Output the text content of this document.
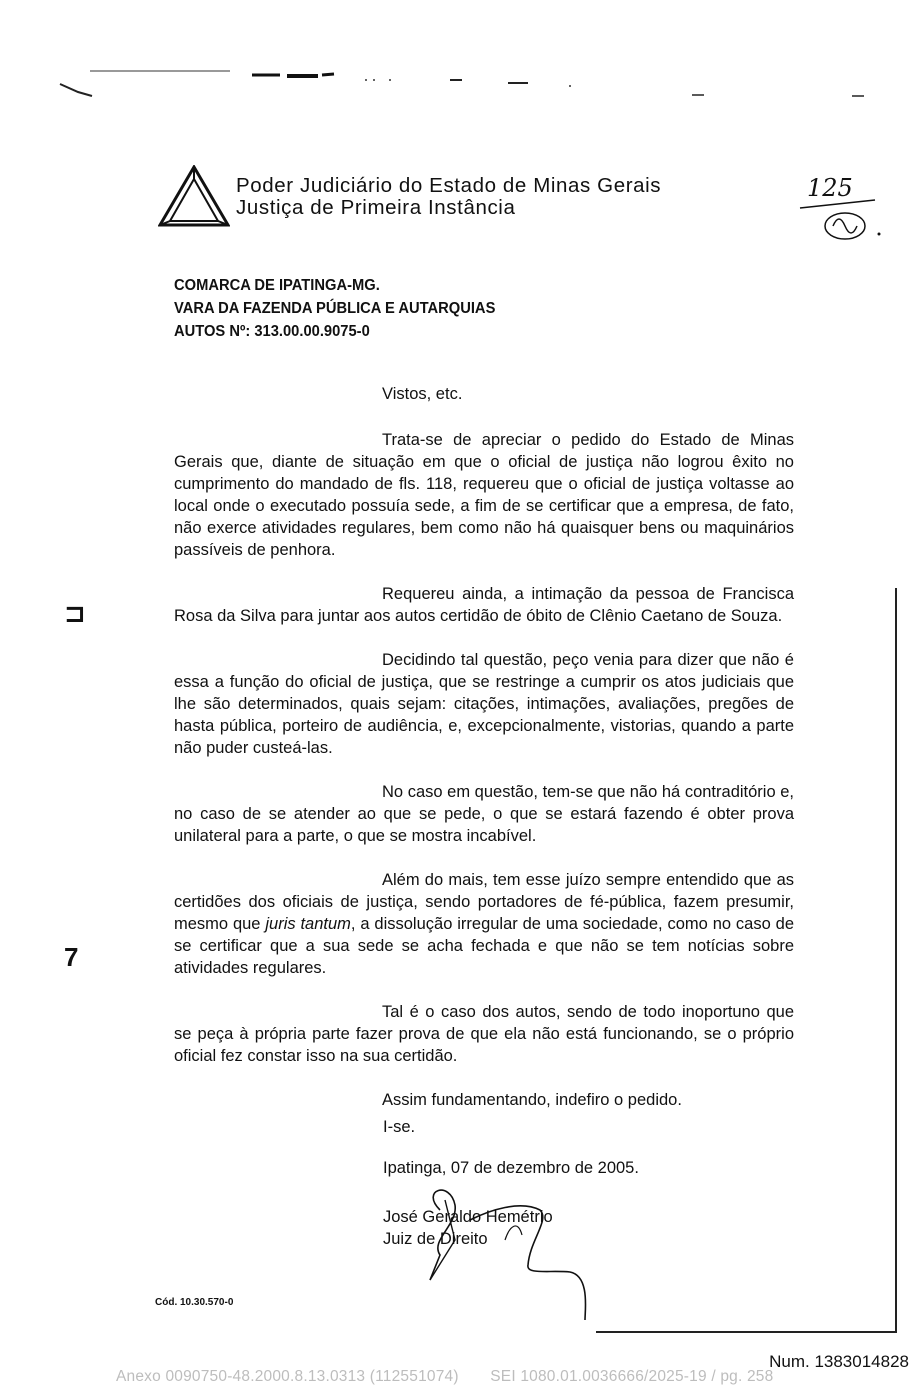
Poder Judiciário do Estado de Minas Gerais
Justiça de Primeira Instância
125
COMARCA DE IPATINGA-MG.
VARA DA FAZENDA PÚBLICA E AUTARQUIAS
AUTOS Nº: 313.00.00.9075-0
Vistos, etc.

Trata-se de apreciar o pedido do Estado de Minas Gerais que, diante de situação em que o oficial de justiça não logrou êxito no cumprimento do mandado de fls. 118, requereu que o oficial de justiça voltasse ao local onde o executado possuía sede, a fim de se certificar que a empresa, de fato, não exerce atividades regulares, bem como não há quaisquer bens ou maquinários passíveis de penhora.

Requereu ainda, a intimação da pessoa de Francisca Rosa da Silva para juntar aos autos certidão de óbito de Clênio Caetano de Souza.

Decidindo tal questão, peço venia para dizer que não é essa a função do oficial de justiça, que se restringe a cumprir os atos judiciais que lhe são determinados, quais sejam: citações, intimações, avaliações, pregões de hasta pública, porteiro de audiência, e, excepcionalmente, vistorias, quando a parte não puder custeá-las.

No caso em questão, tem-se que não há contraditório e, no caso de se atender ao que se pede, o que se estará fazendo é obter prova unilateral para a parte, o que se mostra incabível.

Além do mais, tem esse juízo sempre entendido que as certidões dos oficiais de justiça, sendo portadores de fé-pública, fazem presumir, mesmo que juris tantum, a dissolução irregular de uma sociedade, como no caso de se certificar que a sua sede se acha fechada e que não se tem notícias sobre atividades regulares.

Tal é o caso dos autos, sendo de todo inoportuno que se peça à própria parte fazer prova de que ela não está funcionando, se o próprio oficial fez constar isso na sua certidão.

Assim fundamentando, indefiro o pedido.

I-se.
Ipatinga, 07 de dezembro de 2005.
José Geraldo Hemétrio
Juiz de Direito
Cód. 10.30.570-0
⊐
7
Num. 1383014828
Anexo 0090750-48.2000.8.13.0313 (112551074)       SEI 1080.01.0036666/2025-19 / pg. 258
